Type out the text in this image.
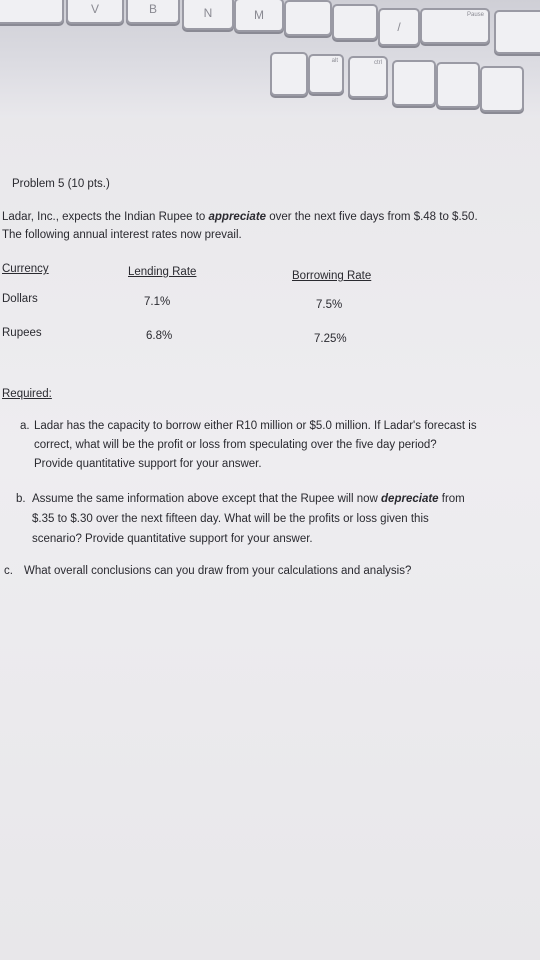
V	B	N	M
/
Pause
alt	ctrl
Problem 5 (10 pts.)
Ladar, Inc., expects the Indian Rupee to appreciate over the next five days from $.48 to $.50.
The following annual interest rates now prevail.
Currency	Lending Rate	Borrowing Rate
Dollars	7.1%	7.5%
Rupees	6.8%	7.25%
Required:
a. Ladar has the capacity to borrow either R10 million or $5.0 million. If Ladar's forecast is
correct, what will be the profit or loss from speculating over the five day period?
Provide quantitative support for your answer.
b. Assume the same information above except that the Rupee will now depreciate from
$.35 to $.30 over the next fifteen day. What will be the profits or loss given this
scenario? Provide quantitative support for your answer.
c. What overall conclusions can you draw from your calculations and analysis?
